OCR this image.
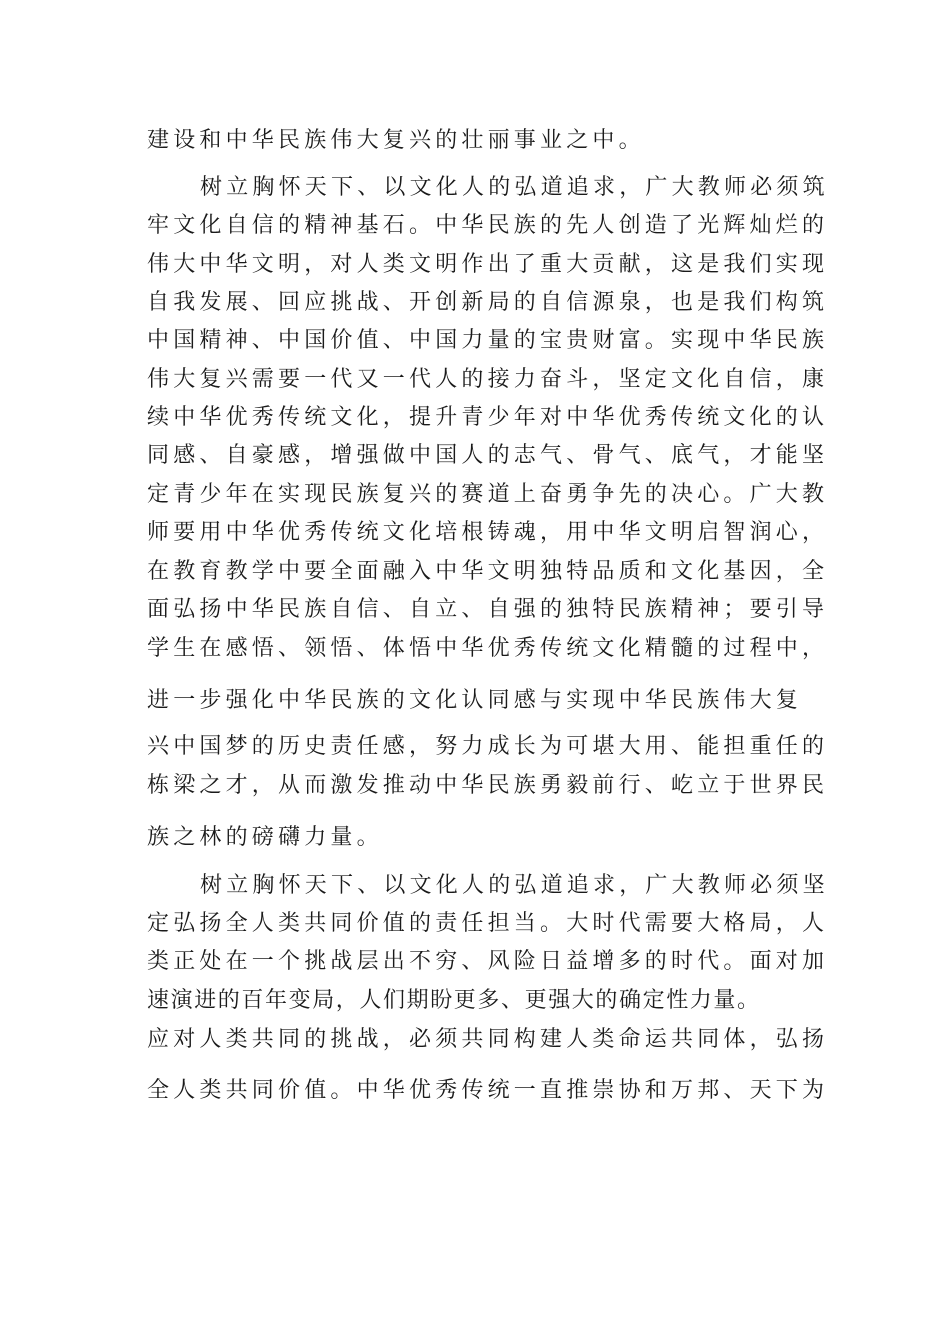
建设和中华民族伟大复兴的壮丽事业之中。
树立胸怀天下、以文化人的弘道追求，广大教师必须筑
牢文化自信的精神基石。中华民族的先人创造了光辉灿烂的
伟大中华文明，对人类文明作出了重大贡献，这是我们实现
自我发展、回应挑战、开创新局的自信源泉，也是我们构筑
中国精神、中国价值、中国力量的宝贵财富。实现中华民族
伟大复兴需要一代又一代人的接力奋斗，坚定文化自信，康
续中华优秀传统文化，提升青少年对中华优秀传统文化的认
同感、自豪感，增强做中国人的志气、骨气、底气，才能坚
定青少年在实现民族复兴的赛道上奋勇争先的决心。广大教
师要用中华优秀传统文化培根铸魂，用中华文明启智润心，
在教育教学中要全面融入中华文明独特品质和文化基因，全
面弘扬中华民族自信、自立、自强的独特民族精神；要引导
学生在感悟、领悟、体悟中华优秀传统文化精髓的过程中，
进一步强化中华民族的文化认同感与实现中华民族伟大复
兴中国梦的历史责任感，努力成长为可堪大用、能担重任的
栋梁之才，从而激发推动中华民族勇毅前行、屹立于世界民
族之林的磅礴力量。
树立胸怀天下、以文化人的弘道追求，广大教师必须坚
定弘扬全人类共同价值的责任担当。大时代需要大格局，人
类正处在一个挑战层出不穷、风险日益增多的时代。面对加
速演进的百年变局，人们期盼更多、更强大的确定性力量。
应对人类共同的挑战，必须共同构建人类命运共同体，弘扬
全人类共同价值。中华优秀传统一直推崇协和万邦、天下为
